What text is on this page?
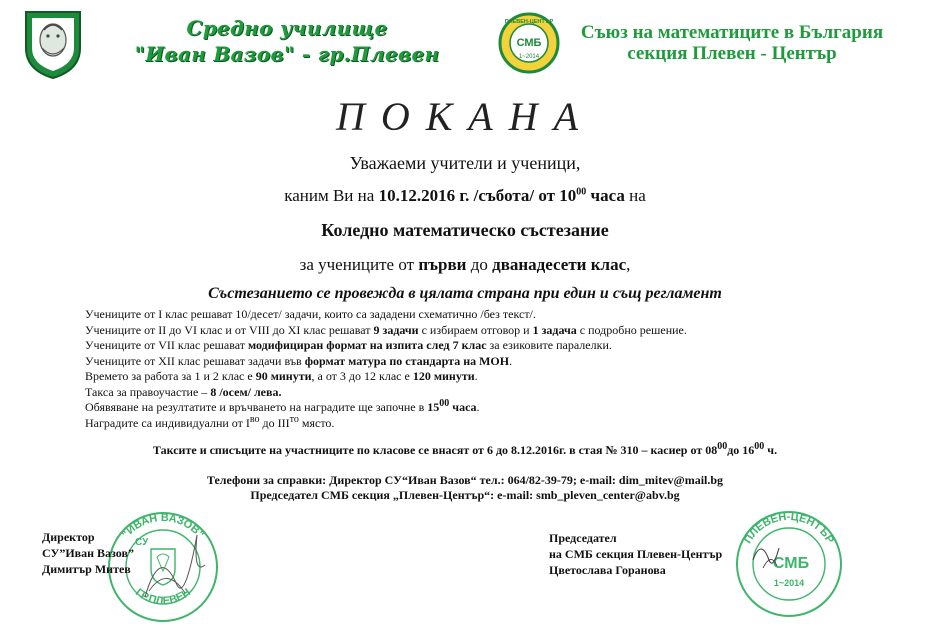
Средно училище
"Иван Вазов" - гр.Плевен	СМБ
1~2014
ПЛЕВЕН-ЦЕНТЪР	Съюз на математиците в България
секция Плевен - Център
ПОКАНА
Уважаеми учители и ученици,
каним Ви на 10.12.2016 г. /събота/ от $10^{00}$ часа на
Коледно математическо състезание
за учениците от първи до дванадесети клас,
Състезанието се провежда в цялата страна при един и същ регламент
Учениците от I клас решават 10/десет/ задачи, които са зададени схематично /без текст/.
Учениците от II до VI клас и от VIII до XI клас решават 9 задачи с избираем отговор и 1 задача с подробно решение.
Учениците от VII клас решават модифициран формат на изпита след 7 клас за езиковите паралелки.
Учениците от XII клас решават задачи във формат матура по стандарта на МОН.
Времето за работа за 1 и 2 клас е 90 минути, а от 3 до 12 клас е 120 минути.
Такса за правоучастие – 8 /осем/ лева.
Обявяване на резултатите и връчването на наградите ще започне в $15^{00}$ часа.
Наградите са индивидуални от $I^{во}$ до $III^{то}$ място.
Таксите и списъците на участниците по класове се внасят от 6 до 8.12.2016г. в стая № 310 – касиер от $08^{00}до$ $16^{00}$ ч.
Телефони за справки: Директор СУ“Иван Вазов“ тел.: 064/82-39-79; e-mail: dim_mitev@mail.bg
Председател СМБ секция „Плевен-Център“: e-mail: smb_pleven_center@abv.bg
"ИВАН ВАЗОВ"
ГР.ПЛЕВЕН
СУ
Директор
СУ”Иван Вазов”
Димитър Митев
Председател
на СМБ секция Плевен-Център
Цветослава Горанова
ПЛЕВЕН-ЦЕНТЪР
СМБ
1~2014
